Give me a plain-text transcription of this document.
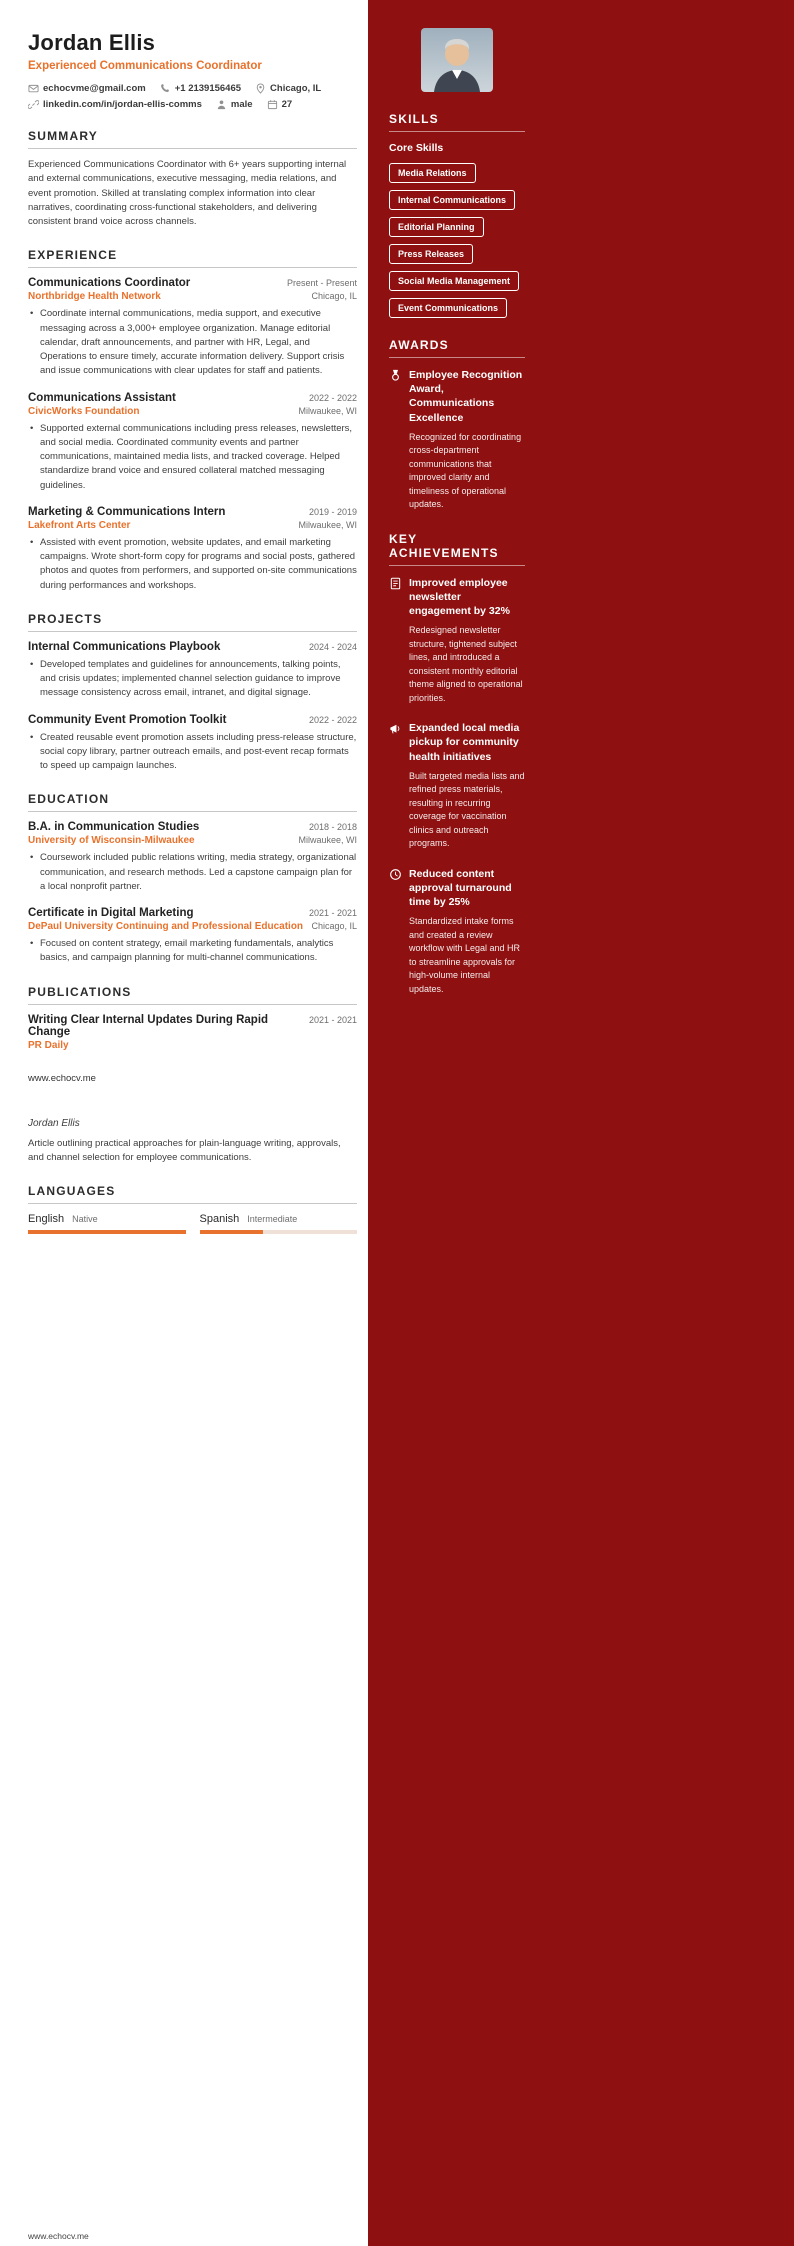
Jordan Ellis
Experienced Communications Coordinator
echocvme@gmail.com	+1 2139156465	Chicago, IL
linkedin.com/in/jordan-ellis-comms	male	27
SUMMARY

Experienced Communications Coordinator with 6+ years supporting internal and external communications, executive messaging, media relations, and event promotion. Skilled at translating complex information into clear narratives, coordinating cross-functional stakeholders, and delivering consistent brand voice across channels.

EXPERIENCE
Communications Coordinator	Present - Present
Northbridge Health Network	Chicago, IL

• Coordinate internal communications, media support, and executive messaging across a 3,000+ employee organization. Manage editorial calendar, draft announcements, and partner with HR, Legal, and Operations to ensure timely, accurate information delivery. Support crisis and issue communications with clear updates for staff and patients.

Communications Assistant	2022 - 2022
CivicWorks Foundation	Milwaukee, WI

• Supported external communications including press releases, newsletters, and social media. Coordinated community events and partner communications, maintained media lists, and tracked coverage. Helped standardize brand voice and ensured collateral matched messaging guidelines.

Marketing & Communications Intern	2019 - 2019
Lakefront Arts Center	Milwaukee, WI

• Assisted with event promotion, website updates, and email marketing campaigns. Wrote short-form copy for programs and social posts, gathered photos and quotes from performers, and supported on-site communications during performances and workshops.

PROJECTS
Internal Communications Playbook	2024 - 2024

• Developed templates and guidelines for announcements, talking points, and crisis updates; implemented channel selection guidance to improve message consistency across email, intranet, and digital signage.

Community Event Promotion Toolkit	2022 - 2022

• Created reusable event promotion assets including press-release structure, social copy library, partner outreach emails, and post-event recap formats to speed up campaign launches.

EDUCATION
B.A. in Communication Studies	2018 - 2018
University of Wisconsin-Milwaukee	Milwaukee, WI

• Coursework included public relations writing, media strategy, organizational communication, and research methods. Led a capstone campaign plan for a local nonprofit partner.

Certificate in Digital Marketing	2021 - 2021
DePaul University Continuing and Professional Education Chicago, IL

• Focused on content strategy, email marketing fundamentals, analytics basics, and campaign planning for multi-channel communications.

PUBLICATIONS
Writing Clear Internal Updates During Rapid Change
2021 - 2021
PR Daily
www.echocv.me
Jordan Ellis

Article outlining practical approaches for plain-language writing, approvals, and channel selection for employee communications.

LANGUAGES
English Native	Spanish Intermediate
SKILLS
Core Skills
Media Relations
Internal Communications
Editorial Planning
Press Releases
Social Media Management
Event Communications
AWARDS
Employee Recognition Award, Communications Excellence

Recognized for coordinating cross-department communications that improved clarity and timeliness of operational updates.

KEY ACHIEVEMENTS
Improved employee newsletter engagement by 32%

Redesigned newsletter structure, tightened subject lines, and introduced a consistent monthly editorial theme aligned to operational priorities.

Expanded local media pickup for community health initiatives

Built targeted media lists and refined press materials, resulting in recurring coverage for vaccination clinics and outreach programs.

Reduced content approval turnaround time by 25%

Standardized intake forms and created a review workflow with Legal and HR to streamline approvals for high-volume internal updates.

www.echocv.me
